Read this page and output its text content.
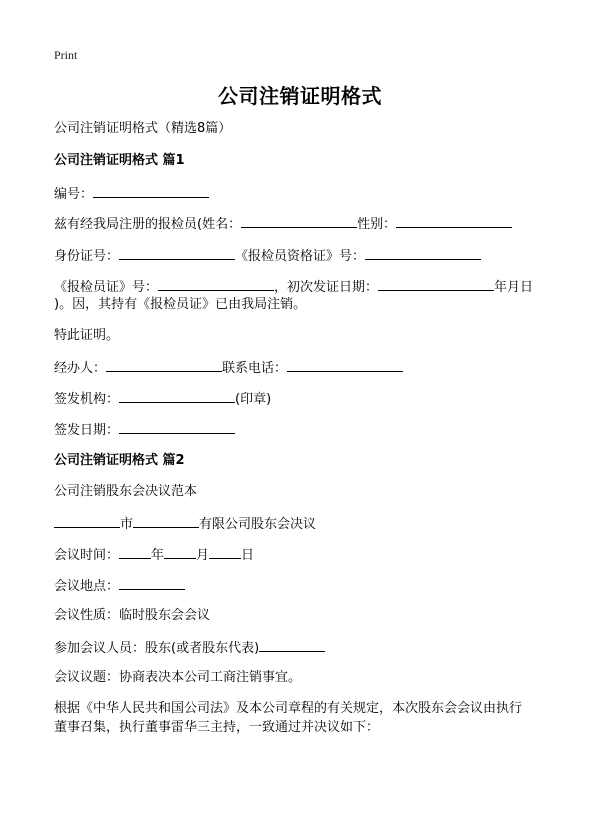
Print
公司注销证明格式
公司注销证明格式（精选8篇）
公司注销证明格式 篇1
编号：
兹有经我局注册的报检员(姓名：	性别：
身份证号：	《报检员资格证》号：
《报检员证》号：	，初次发证日期：	年月日
)。因，其持有《报检员证》已由我局注销。
特此证明。
经办人：	联系电话：
签发机构：	(印章)
签发日期：
公司注销证明格式 篇2
公司注销股东会决议范本
市	有限公司股东会决议
会议时间： 年 月 日
会议地点：
会议性质：临时股东会会议
参加会议人员：股东(或者股东代表)
会议议题：协商表决本公司工商注销事宜。
根据《中华人民共和国公司法》及本公司章程的有关规定，本次股东会会议由执行
董事召集，执行董事雷华三主持，一致通过并决议如下：
